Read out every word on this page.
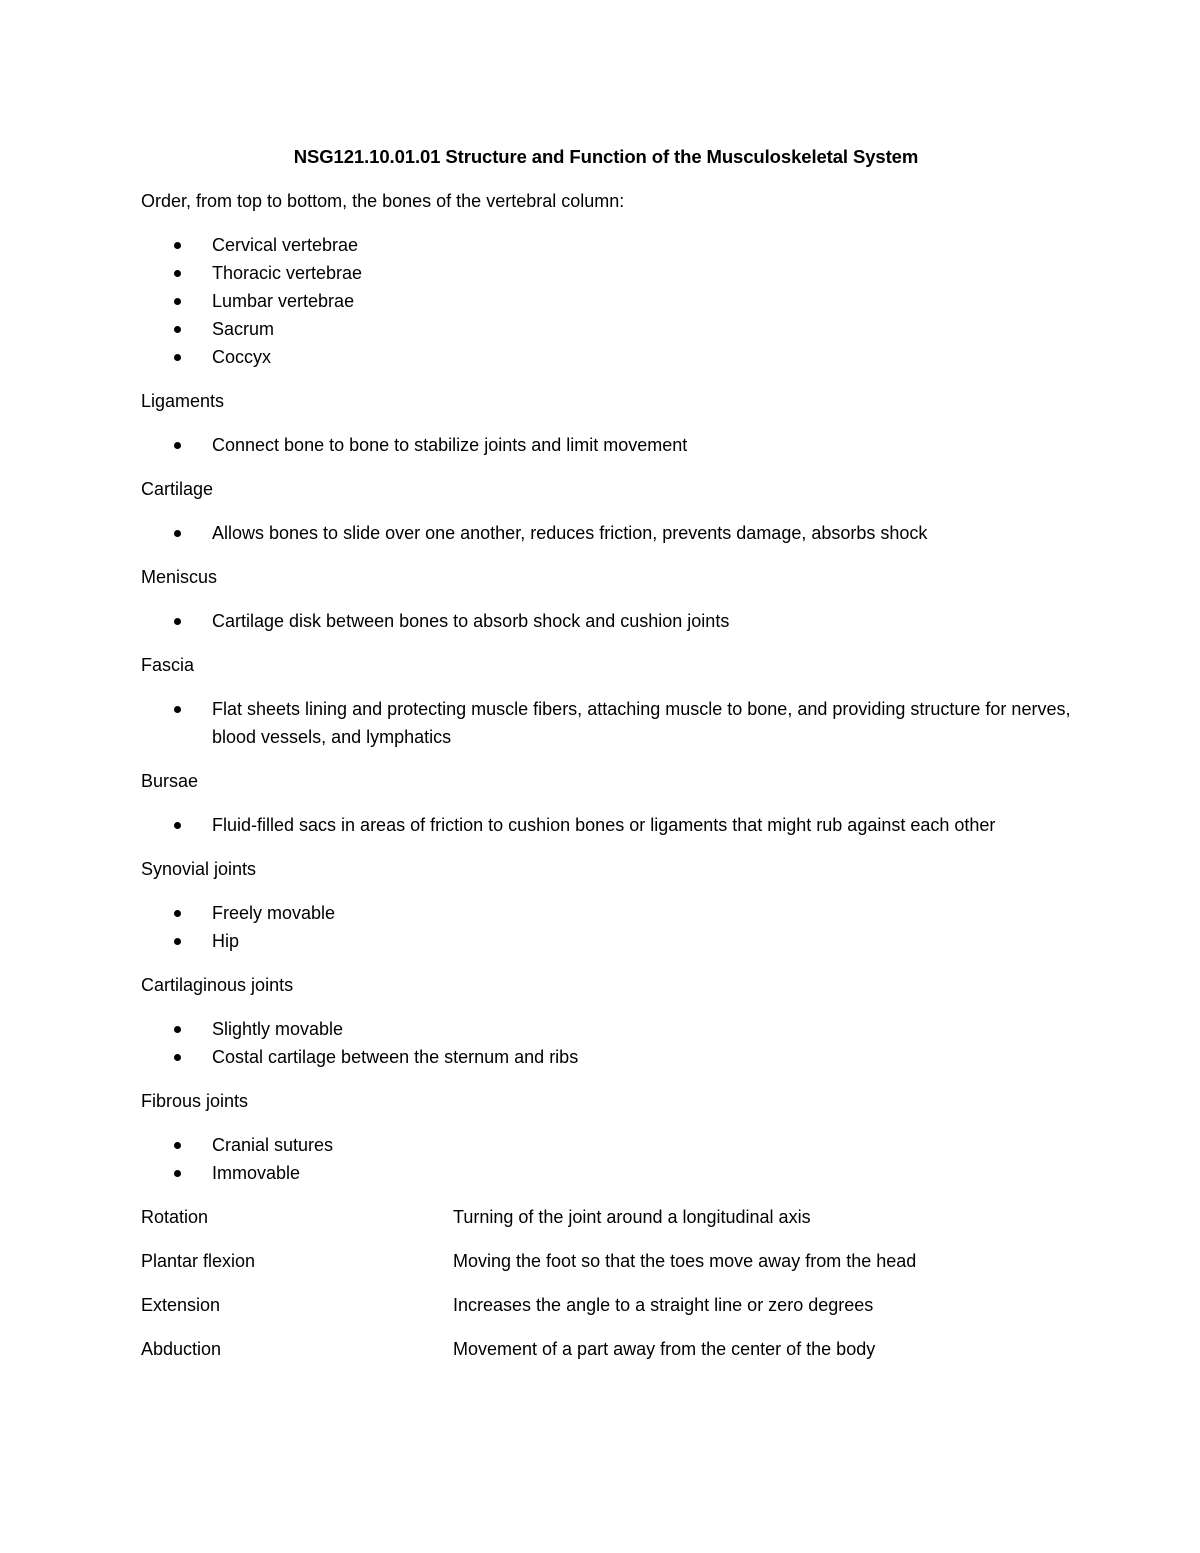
NSG121.10.01.01 Structure and Function of the Musculoskeletal System
Order, from top to bottom, the bones of the vertebral column:
Cervical vertebrae
Thoracic vertebrae
Lumbar vertebrae
Sacrum
Coccyx
Ligaments
Connect bone to bone to stabilize joints and limit movement
Cartilage
Allows bones to slide over one another, reduces friction, prevents damage, absorbs shock
Meniscus
Cartilage disk between bones to absorb shock and cushion joints
Fascia
Flat sheets lining and protecting muscle fibers, attaching muscle to bone, and providing structure for nerves, blood vessels, and lymphatics
Bursae
Fluid-filled sacs in areas of friction to cushion bones or ligaments that might rub against each other
Synovial joints
Freely movable
Hip
Cartilaginous joints
Slightly movable
Costal cartilage between the sternum and ribs
Fibrous joints
Cranial sutures
Immovable
Rotation	Turning of the joint around a longitudinal axis
Plantar flexion	Moving the foot so that the toes move away from the head
Extension	Increases the angle to a straight line or zero degrees
Abduction	Movement of a part away from the center of the body
